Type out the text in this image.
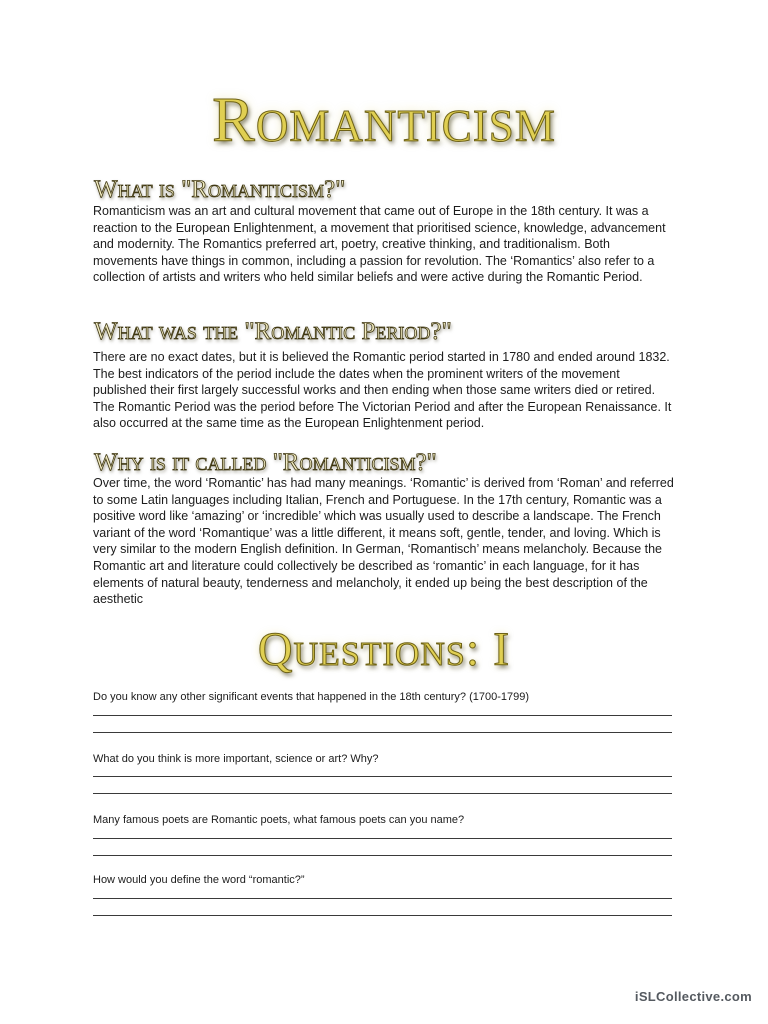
Romanticism
What is "Romanticism?"
Romanticism was an art and cultural movement that came out of Europe in the 18th century. It was a reaction to the European Enlightenment, a movement that prioritised science, knowledge, advancement and modernity. The Romantics preferred art, poetry, creative thinking, and traditionalism. Both movements have things in common, including a passion for revolution. The ‘Romantics’ also refer to a collection of artists and writers who held similar beliefs and were active during the Romantic Period.
What was the "Romantic Period?"
There are no exact dates, but it is believed the Romantic period started in 1780 and ended around 1832. The best indicators of the period include the dates when the prominent writers of the movement published their first largely successful works and then ending when those same writers died or retired. The Romantic Period was the period before The Victorian Period and after the European Renaissance. It also occurred at the same time as the European Enlightenment period.
Why is it called "Romanticism?"
Over time, the word ‘Romantic’ has had many meanings. ‘Romantic’ is derived from ‘Roman’ and referred to some Latin languages including Italian, French and Portuguese. In the 17th century, Romantic was a positive word like ‘amazing’ or ‘incredible’ which was usually used to describe a landscape. The French variant of the word ‘Romantique’ was a little different, it means soft, gentle, tender, and loving. Which is very similar to the modern English definition. In German, ‘Romantisch’ means melancholy. Because the Romantic art and literature could collectively be described as ‘romantic’ in each language, for it has elements of natural beauty, tenderness and melancholy, it ended up being the best description of the aesthetic
Questions: I
Do you know any other significant events that happened in the 18th century? (1700-1799)
What do you think is more important, science or art? Why?
Many famous poets are Romantic poets, what famous poets can you name?
How would you define the word “romantic?”
iSLCollective.com
